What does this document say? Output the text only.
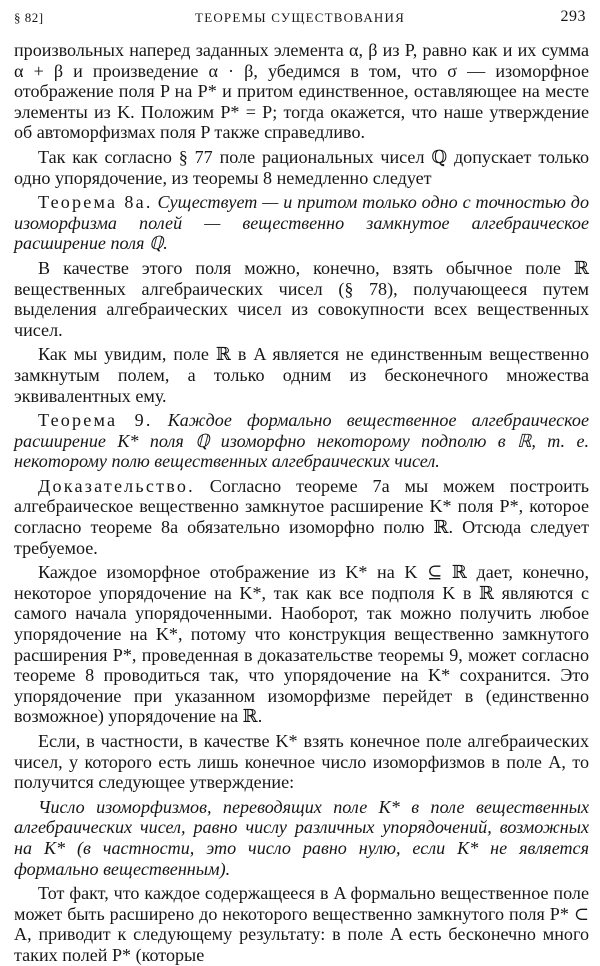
§ 82]	ТЕОРЕМЫ СУЩЕСТВОВАНИЯ	293

произвольных наперед заданных элемента α, β из P, равно как и их сумма α + β и произведение α · β, убедимся в том, что σ — изоморфное отображение поля P на P* и притом единственное, оставляющее на месте элементы из K. Положим P* = P; тогда окажется, что наше утверждение об автоморфизмах поля P также справедливо.

Так как согласно § 77 поле рациональных чисел ℚ допускает только одно упорядочение, из теоремы 8 немедленно следует

Теорема 8а. Существует — и притом только одно с точностью до изоморфизма полей — вещественно замкнутое алгебраическое расширение поля ℚ.

В качестве этого поля можно, конечно, взять обычное поле ℝ вещественных алгебраических чисел (§ 78), получающееся путем выделения алгебраических чисел из совокупности всех вещественных чисел.

Как мы увидим, поле ℝ в A является не единственным вещественно замкнутым полем, а только одним из бесконечного множества эквивалентных ему.

Теорема 9. Каждое формально вещественное алгебраическое расширение K* поля ℚ изоморфно некоторому подполю в ℝ, т. е. некоторому полю вещественных алгебраических чисел.

Доказательство. Согласно теореме 7а мы можем построить алгебраическое вещественно замкнутое расширение K* поля P*, которое согласно теореме 8а обязательно изоморфно полю ℝ. Отсюда следует требуемое.

Каждое изоморфное отображение из K* на K ⊆ ℝ дает, конечно, некоторое упорядочение на K*, так как все подполя K в ℝ являются с самого начала упорядоченными. Наоборот, так можно получить любое упорядочение на K*, потому что конструкция вещественно замкнутого расширения P*, проведенная в доказательстве теоремы 9, может согласно теореме 8 проводиться так, что упорядочение на K* сохранится. Это упорядочение при указанном изоморфизме перейдет в (единственно возможное) упорядочение на ℝ.

Если, в частности, в качестве K* взять конечное поле алгебраических чисел, у которого есть лишь конечное число изоморфизмов в поле A, то получится следующее утверждение:

Число изоморфизмов, переводящих поле K* в поле вещественных алгебраических чисел, равно числу различных упорядочений, возможных на K* (в частности, это число равно нулю, если K* не является формально вещественным).

Тот факт, что каждое содержащееся в A формально вещественное поле может быть расширено до некоторого вещественно замкнутого поля P* ⊂ A, приводит к следующему результату: в поле A есть бесконечно много таких полей P* (которые
